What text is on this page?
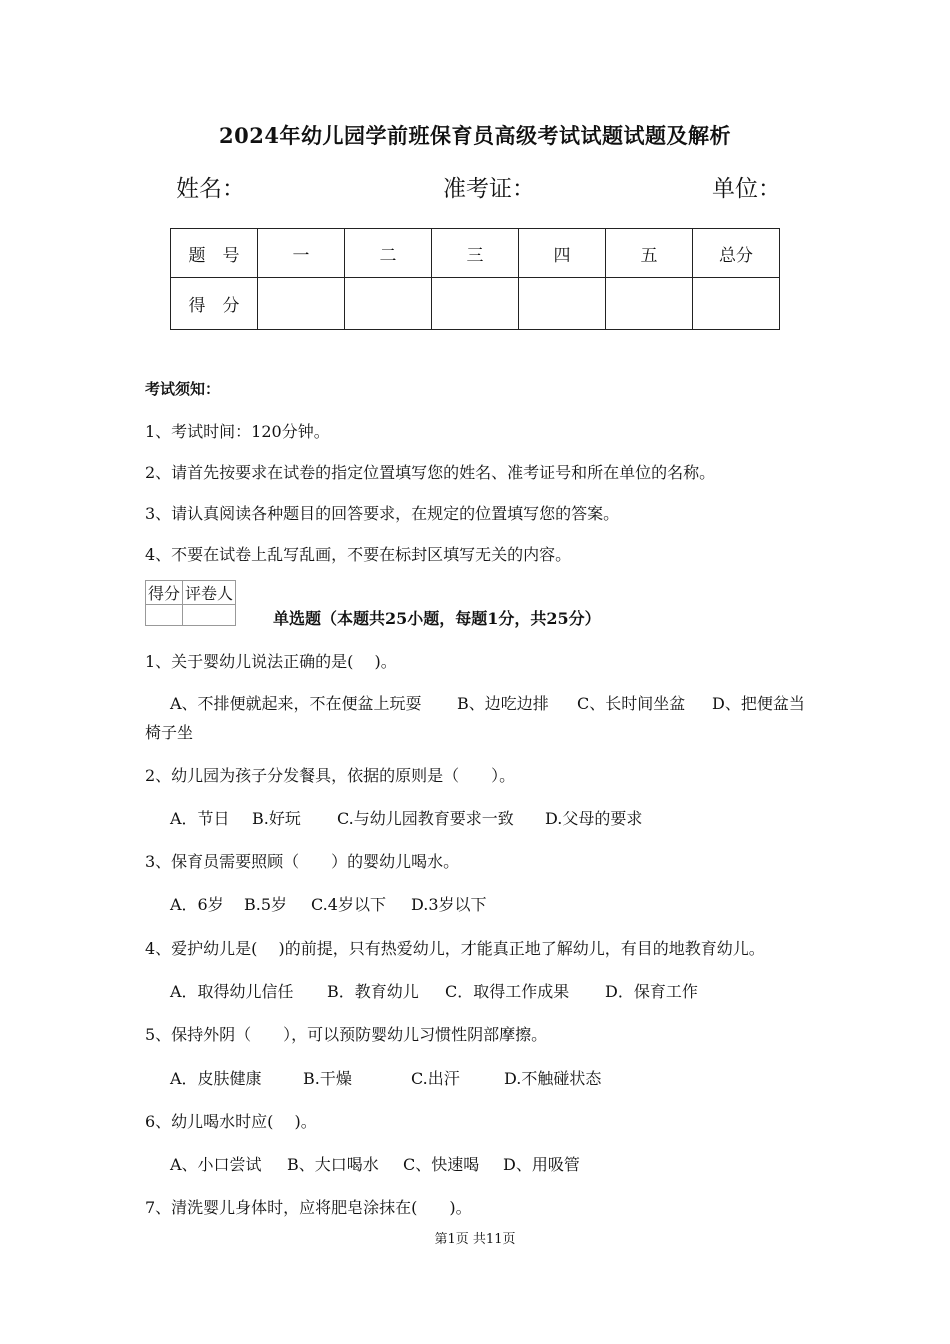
2024年幼儿园学前班保育员高级考试试题试题及解析
姓名：	准考证：	单位：
题　号	一	二	三	四	五	总分
得　分						
考试须知：
1、考试时间：120分钟。
2、请首先按要求在试卷的指定位置填写您的姓名、准考证号和所在单位的名称。
3、请认真阅读各种题目的回答要求，在规定的位置填写您的答案。
4、不要在试卷上乱写乱画，不要在标封区填写无关的内容。
得分	评卷人

单选题（本题共25小题，每题1分，共25分）
1、关于婴幼儿说法正确的是(　 )。
A、不排便就起来，不在便盆上玩耍 B、边吃边排 C、长时间坐盆 D、把便盆当
椅子坐
2、幼儿园为孩子分发餐具，依据的原则是（　　）。
A．节日 B.好玩 C.与幼儿园教育要求一致 D.父母的要求
3、保育员需要照顾（　　）的婴幼儿喝水。
A．6岁 B.5岁 C.4岁以下 D.3岁以下
4、爱护幼儿是(　 )的前提，只有热爱幼儿，才能真正地了解幼儿，有目的地教育幼儿。
A．取得幼儿信任 B．教育幼儿 C．取得工作成果 D．保育工作
5、保持外阴（　　），可以预防婴幼儿习惯性阴部摩擦。
A．皮肤健康	B.干燥	C.出汗	D.不触碰状态
6、幼儿喝水时应(　 )。
A、小口尝试 B、大口喝水 C、快速喝 D、用吸管
7、清洗婴儿身体时，应将肥皂涂抹在(　　)。
第1页 共11页
